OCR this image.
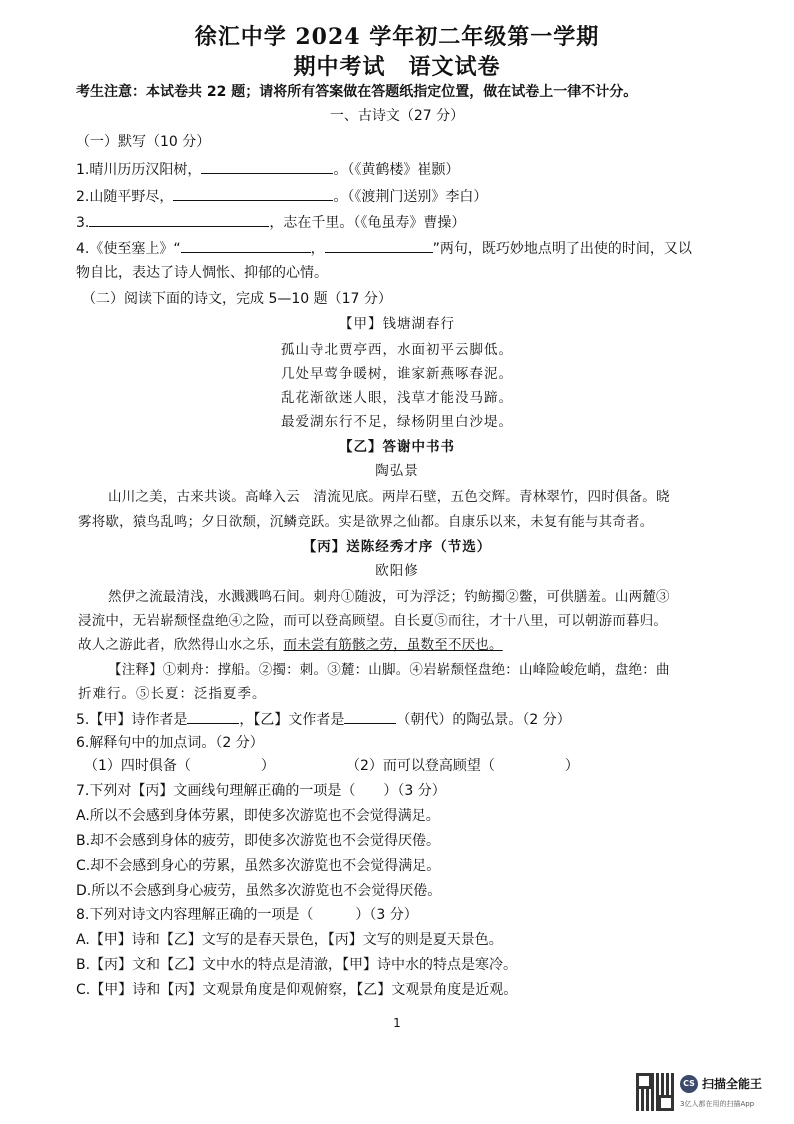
徐汇中学 2024 学年初二年级第一学期
期中考试　语文试卷
考生注意：本试卷共 22 题；请将所有答案做在答题纸指定位置，做在试卷上一律不计分。
一、古诗文（27 分）
（一）默写（10 分）
1.晴川历历汉阳树，	。（《黄鹤楼》崔颢）
2.山随平野尽，	。（《渡荆门送别》李白）
3.	，志在千里。（《龟虽寿》曹操）
4.《使至塞上》“	，	”两句，既巧妙地点明了出使的时间，又以
物自比，表达了诗人惆怅、抑郁的心情。
（二）阅读下面的诗文，完成 5—10 题（17 分）
【甲】钱塘湖春行
孤山寺北贾亭西，水面初平云脚低。
几处早莺争暖树，谁家新燕啄春泥。
乱花渐欲迷人眼，浅草才能没马蹄。
最爱湖东行不足，绿杨阴里白沙堤。
【乙】答谢中书书
陶弘景
山川之美，古来共谈。高峰入云　清流见底。两岸石壁，五色交辉。青林翠竹，四时俱备。晓
雾将歇，猿鸟乱鸣；夕日欲颓，沉鳞竞跃。实是欲界之仙都。自康乐以来，未复有能与其奇者。
【丙】送陈经秀才序（节选）
欧阳修
然伊之流最清浅，水溅溅鸣石间。刺舟①随波，可为浮泛；钓鲂擉②鳖，可供膳羞。山两麓③
浸流中，无岩崭颓怪盘绝④之险，而可以登高顾望。自长夏⑤而往，才十八里，可以朝游而暮归。
故人之游此者，欣然得山水之乐，而未尝有筋骸之劳，虽数至不厌也。
【注释】①刺舟：撑船。②擉：刺。③麓：山脚。④岩崭颓怪盘绝：山峰险峻危峭，盘绝：曲
折难行。⑤长夏：泛指夏季。
5.【甲】诗作者是	，【乙】文作者是	（朝代）的陶弘景。（2 分）
6.解释句中的加点词。（2 分）
（1）四时俱备（　　　　　）	（2）而可以登高顾望（　　　　　）
7.下列对【丙】文画线句理解正确的一项是（　　）（3 分）
A.所以不会感到身体劳累，即使多次游览也不会觉得满足。
B.却不会感到身体的疲劳，即使多次游览也不会觉得厌倦。
C.却不会感到身心的劳累，虽然多次游览也不会觉得满足。
D.所以不会感到身心疲劳，虽然多次游览也不会觉得厌倦。
8.下列对诗文内容理解正确的一项是（　　　）（3 分）
A.【甲】诗和【乙】文写的是春天景色，【丙】文写的则是夏天景色。
B.【丙】文和【乙】文中水的特点是清澈，【甲】诗中水的特点是寒冷。
C.【甲】诗和【丙】文观景角度是仰观俯察，【乙】文观景角度是近观。
1
CS 扫描全能王
3亿人都在用的扫描App
